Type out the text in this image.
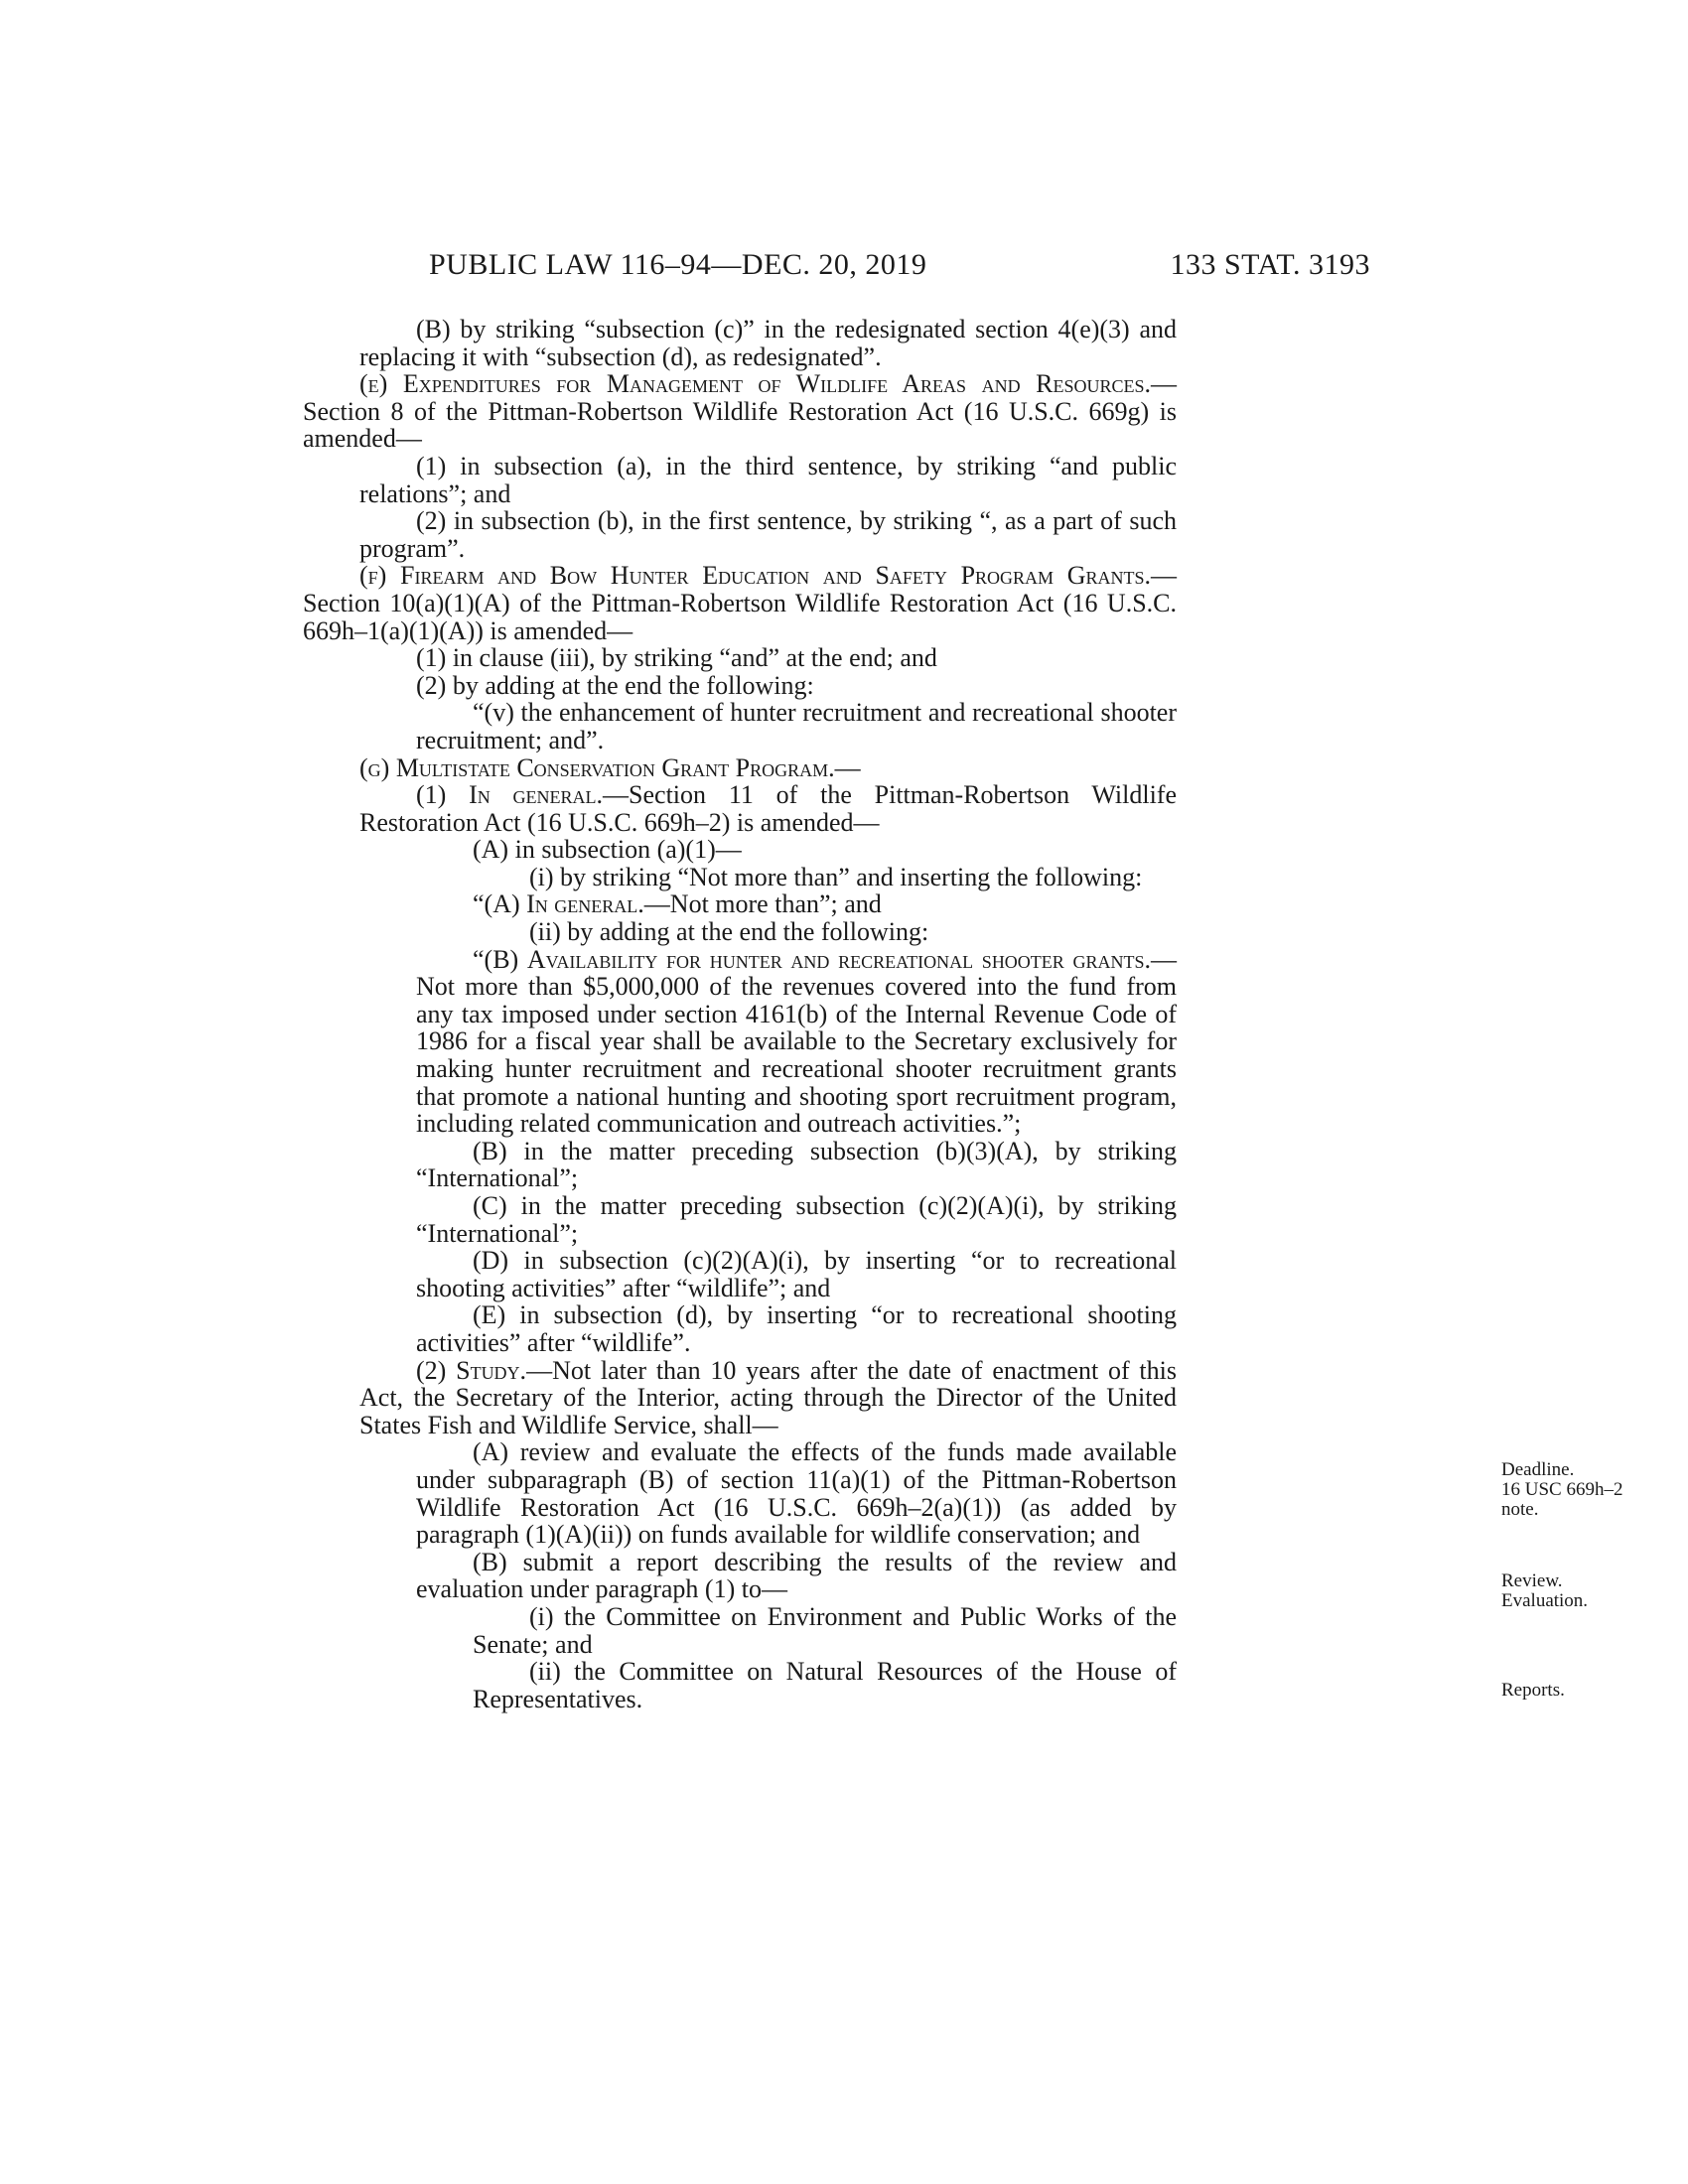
PUBLIC LAW 116–94—DEC. 20, 2019	133 STAT. 3193

(B) by striking “subsection (c)” in the redesignated section 4(e)(3) and replacing it with “subsection (d), as redesignated”.

(e) Expenditures for Management of Wildlife Areas and Resources.—Section 8 of the Pittman-Robertson Wildlife Restoration Act (16 U.S.C. 669g) is amended—

(1) in subsection (a), in the third sentence, by striking “and public relations”; and

(2) in subsection (b), in the first sentence, by striking “, as a part of such program”.

(f) Firearm and Bow Hunter Education and Safety Program Grants.—Section 10(a)(1)(A) of the Pittman-Robertson Wildlife Restoration Act (16 U.S.C. 669h–1(a)(1)(A)) is amended—

(1) in clause (iii), by striking “and” at the end; and

(2) by adding at the end the following:

“(v) the enhancement of hunter recruitment and recreational shooter recruitment; and”.

(g) Multistate Conservation Grant Program.—

(1) In general.—Section 11 of the Pittman-Robertson Wildlife Restoration Act (16 U.S.C. 669h–2) is amended—

(A) in subsection (a)(1)—

(i) by striking “Not more than” and inserting the following:

“(A) In general.—Not more than”; and

(ii) by adding at the end the following:

“(B) Availability for hunter and recreational shooter grants.—Not more than $5,000,000 of the revenues covered into the fund from any tax imposed under section 4161(b) of the Internal Revenue Code of 1986 for a fiscal year shall be available to the Secretary exclusively for making hunter recruitment and recreational shooter recruitment grants that promote a national hunting and shooting sport recruitment program, including related communication and outreach activities.”;

(B) in the matter preceding subsection (b)(3)(A), by striking “International”;

(C) in the matter preceding subsection (c)(2)(A)(i), by striking “International”;

(D) in subsection (c)(2)(A)(i), by inserting “or to recreational shooting activities” after “wildlife”; and

(E) in subsection (d), by inserting “or to recreational shooting activities” after “wildlife”.

(2) Study.—Not later than 10 years after the date of enactment of this Act, the Secretary of the Interior, acting through the Director of the United States Fish and Wildlife Service, shall—

(A) review and evaluate the effects of the funds made available under subparagraph (B) of section 11(a)(1) of the Pittman-Robertson Wildlife Restoration Act (16 U.S.C. 669h–2(a)(1)) (as added by paragraph (1)(A)(ii)) on funds available for wildlife conservation; and

(B) submit a report describing the results of the review and evaluation under paragraph (1) to—

(i) the Committee on Environment and Public Works of the Senate; and

(ii) the Committee on Natural Resources of the House of Representatives.

Deadline.
16 USC 669h–2
note.
Review.
Evaluation.
Reports.
